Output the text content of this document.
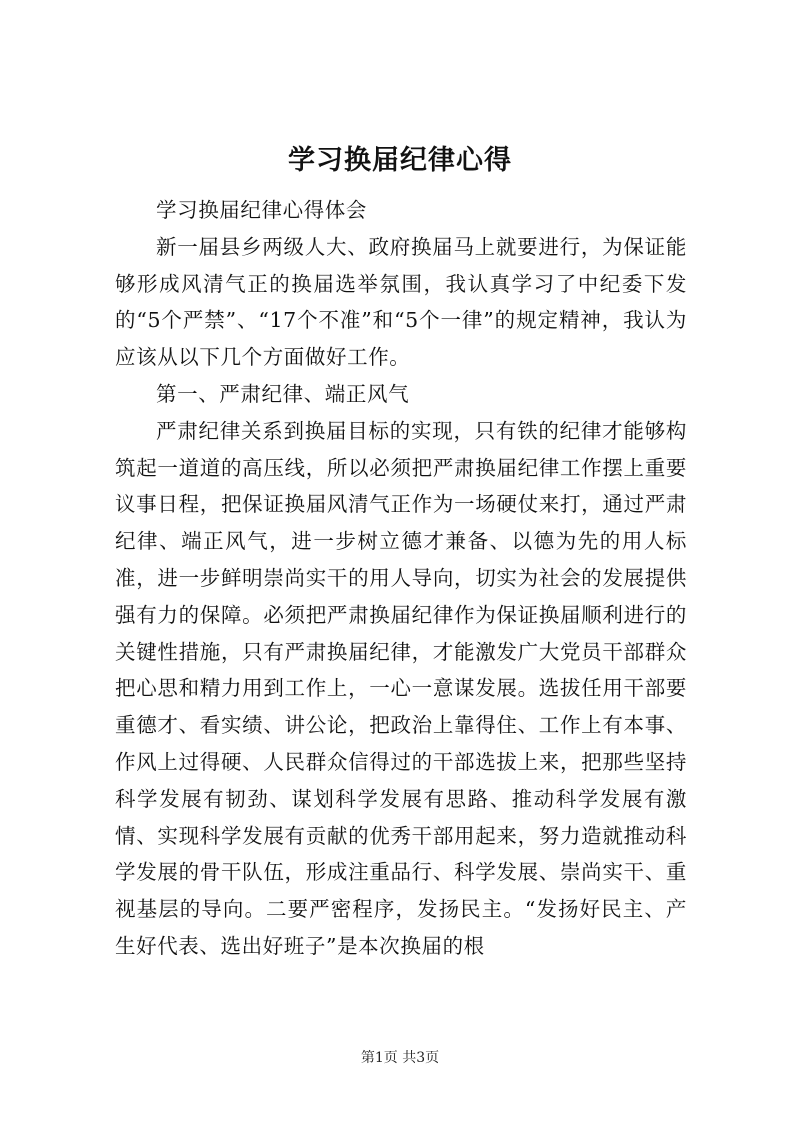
学习换届纪律心得

学习换届纪律心得体会

新一届县乡两级人大、政府换届马上就要进行，为保证能够形成风清气正的换届选举氛围，我认真学习了中纪委下发的“5个严禁”、“17个不准”和“5个一律”的规定精神，我认为应该从以下几个方面做好工作。

第一、严肃纪律、端正风气

严肃纪律关系到换届目标的实现，只有铁的纪律才能够构筑起一道道的高压线，所以必须把严肃换届纪律工作摆上重要议事日程，把保证换届风清气正作为一场硬仗来打，通过严肃纪律、端正风气，进一步树立德才兼备、以德为先的用人标准，进一步鲜明崇尚实干的用人导向，切实为社会的发展提供强有力的保障。必须把严肃换届纪律作为保证换届顺利进行的关键性措施，只有严肃换届纪律，才能激发广大党员干部群众把心思和精力用到工作上，一心一意谋发展。选拔任用干部要重德才、看实绩、讲公论，把政治上靠得住、工作上有本事、作风上过得硬、人民群众信得过的干部选拔上来，把那些坚持科学发展有韧劲、谋划科学发展有思路、推动科学发展有激情、实现科学发展有贡献的优秀干部用起来，努力造就推动科学发展的骨干队伍，形成注重品行、科学发展、崇尚实干、重视基层的导向。二要严密程序，发扬民主。“发扬好民主、产生好代表、选出好班子”是本次换届的根

第1页 共3页
